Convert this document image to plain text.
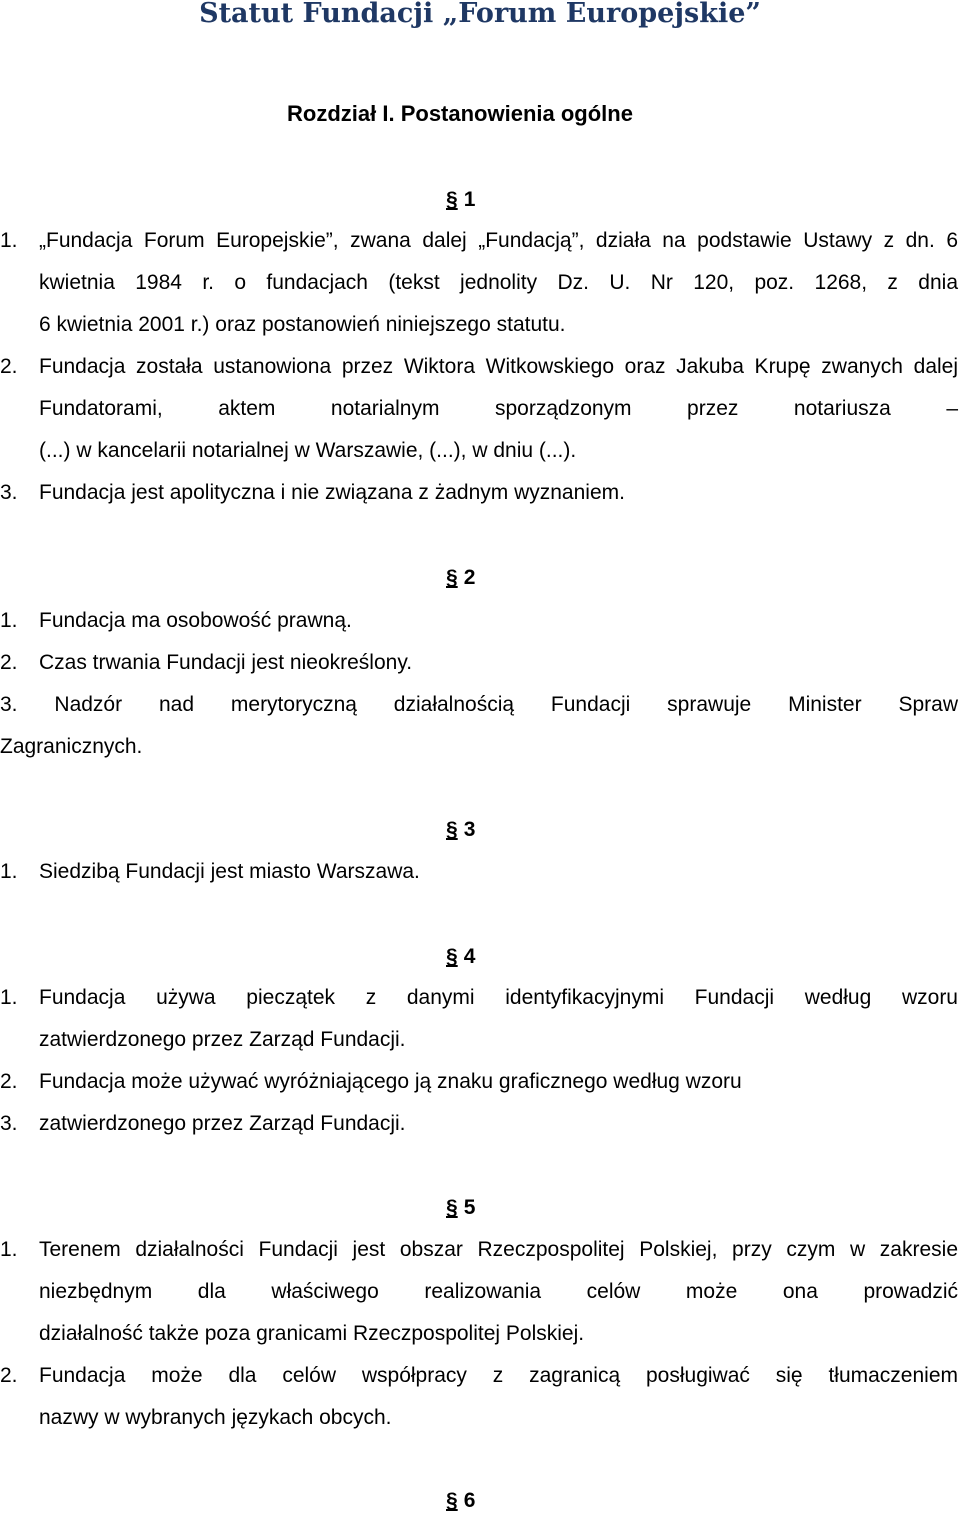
Statut Fundacji „Forum Europejskie”
Rozdział I. Postanowienia ogólne
§ 1
1. „Fundacja Forum Europejskie”, zwana dalej „Fundacją”, działa na podstawie Ustawy z dn. 6 kwietnia 1984 r. o fundacjach (tekst jednolity Dz. U. Nr 120, poz. 1268, z dnia
6 kwietnia 2001 r.) oraz postanowień niniejszego statutu.
2. Fundacja została ustanowiona przez Wiktora Witkowskiego oraz Jakuba Krupę zwanych dalej Fundatorami, aktem notarialnym sporządzonym przez notariusza –
(...) w kancelarii notarialnej w Warszawie, (...), w dniu (...).
3. Fundacja jest apolityczna i nie związana z żadnym wyznaniem.
§ 2
1. Fundacja ma osobowość prawną.
2. Czas trwania Fundacji jest nieokreślony.
3. Nadzór nad merytoryczną działalnością Fundacji sprawuje Minister Spraw
Zagranicznych.
§ 3
1. Siedzibą Fundacji jest miasto Warszawa.
§ 4
1. Fundacja używa pieczątek z danymi identyfikacyjnymi Fundacji według wzoru
zatwierdzonego przez Zarząd Fundacji.
2. Fundacja może używać wyróżniającego ją znaku graficznego według wzoru
3. zatwierdzonego przez Zarząd Fundacji.
§ 5
1. Terenem działalności Fundacji jest obszar Rzeczpospolitej Polskiej, przy czym w zakresie niezbędnym dla właściwego realizowania celów może ona prowadzić
działalność także poza granicami Rzeczpospolitej Polskiej.
2. Fundacja może dla celów współpracy z zagranicą posługiwać się tłumaczeniem
nazwy w wybranych językach obcych.
§ 6
